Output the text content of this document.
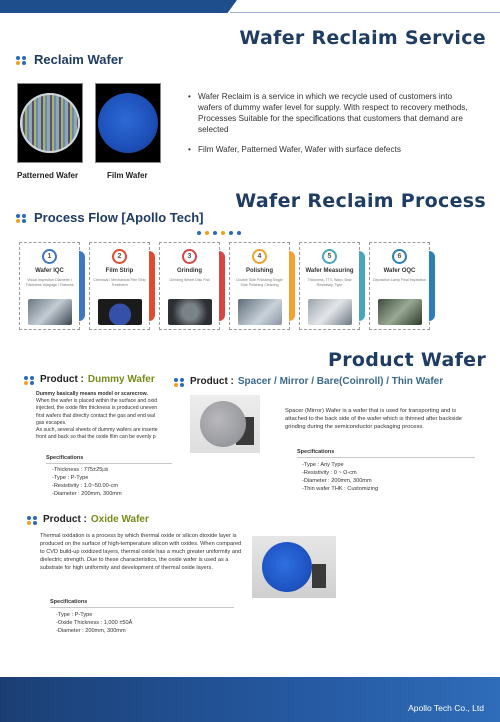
Wafer Reclaim Service
Reclaim Wafer
Patterned Wafer	Film Wafer
• Wafer Reclaim is a service in which we recycle used of customers into wafers of dummy wafer level for supply. With respect to recovery methods, Processes Suitable for the specifications that customers that demand are selected
• Film Wafer, Patterned Wafer, Wafer with surface defects
Wafer Reclaim Process
Process Flow [Apollo Tech]
1
Wafer IQC
Visual Inspection Diameter / Thickness Warpage / Flatness
2
Film Strip
Chemical / Mechanical Film Strip Treatment
3
Grinding
Grinding Wheel Disc Pad
4
Polishing
Double Side Polishing Single Side Polishing Cleaning
5
Wafer Measuring
Thickness, TTV, Warp, Bow Resistivity, Type
6
Wafer OQC
Deposition Lamp Final Inspection
Product Wafer
Product : Dummy Wafer
Dummy basically means model or scarecrow.
When the wafer is placed within the surface and oxid
injected, the oxide film thickness is produced uneven
first wafers that directly contact the gas and end wal
gas escapes.
As such, several sheets of dummy wafers are inserte
front and back so that the oxide film can be evenly p
Specifications
-Thickness : 775±25㎛
-Type : P-Type
-Resistivity : 1.0~50.00-cm
-Diameter : 200mm, 300mm
Product : Spacer / Mirror / Bare(Coinroll) / Thin Wafer
Spacer (Mirror) Wafer is a wafer that is used for transporting and is attached to the back side of the wafer which is thinned after backside grinding during the semiconductor packaging process.
Specifications
-Type : Any Type
-Resistivity : 0 ~ Ω-cm
-Diameter : 200mm, 300mm
-Thin wafer THK : Customizing
Product : Oxide Wafer
Thermal oxidation is a process by which thermal oxide or silicon dioxide layer is produced on the surface of high-temperature silicon with oxides. When compared to CVD build-up oxidized layers, thermal oxide has a much greater uniformity and dielectric strength. Due to these characteristics, the oxide wafer is used as a substrate for high uniformity and development of thermal oxide layers.
Specifications
-Type : P-Type
-Oxide Thickness : 1,000 ±50Å
-Diameter : 200mm, 300mm
Apollo Tech Co., Ltd
